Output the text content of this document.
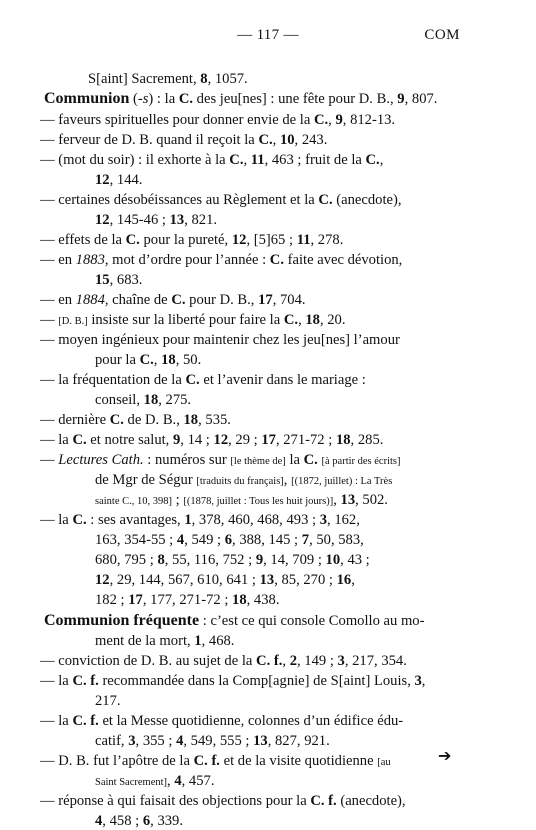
— 117 —	COM
S[aint] Sacrement, 8, 1057.
Communion (-s) : la C. des jeu[nes] : une fête pour D. B., 9, 807.
— faveurs spirituelles pour donner envie de la C., 9, 812-13.
— ferveur de D. B. quand il reçoit la C., 10, 243.
— (mot du soir) : il exhorte à la C., 11, 463 ; fruit de la C.,
12, 144.
— certaines désobéissances au Règlement et la C. (anecdote),
12, 145-46 ; 13, 821.
— effets de la C. pour la pureté, 12, [5]65 ; 11, 278.
— en 1883, mot d’ordre pour l’année : C. faite avec dévotion,
15, 683.
— en 1884, chaîne de C. pour D. B., 17, 704.
— [D. B.] insiste sur la liberté pour faire la C., 18, 20.
— moyen ingénieux pour maintenir chez les jeu[nes] l’amour
pour la C., 18, 50.
— la fréquentation de la C. et l’avenir dans le mariage :
conseil, 18, 275.
— dernière C. de D. B., 18, 535.
— la C. et notre salut, 9, 14 ; 12, 29 ; 17, 271-72 ; 18, 285.
— Lectures Cath. : numéros sur [le thème de] la C. [à partir des écrits]
de Mgr de Ségur [traduits du français], [(1872, juillet) : La Très
sainte C., 10, 398] ; [(1878, juillet : Tous les huit jours)], 13, 502.
— la C. : ses avantages, 1, 378, 460, 468, 493 ; 3, 162,
163, 354-55 ; 4, 549 ; 6, 388, 145 ; 7, 50, 583,
680, 795 ; 8, 55, 116, 752 ; 9, 14, 709 ; 10, 43 ;
12, 29, 144, 567, 610, 641 ; 13, 85, 270 ; 16,
182 ; 17, 177, 271-72 ; 18, 438.
Communion fréquente : c’est ce qui console Comollo au mo-
ment de la mort, 1, 468.
— conviction de D. B. au sujet de la C. f., 2, 149 ; 3, 217, 354.
— la C. f. recommandée dans la Comp[agnie] de S[aint] Louis, 3,
217.
— la C. f. et la Messe quotidienne, colonnes d’un édifice édu-
catif, 3, 355 ; 4, 549, 555 ; 13, 827, 921.
— D. B. fut l’apôtre de la C. f. et de la visite quotidienne [au
Saint Sacrement], 4, 457.
— réponse à qui faisait des objections pour la C. f. (anecdote),
4, 458 ; 6, 339.
➔
